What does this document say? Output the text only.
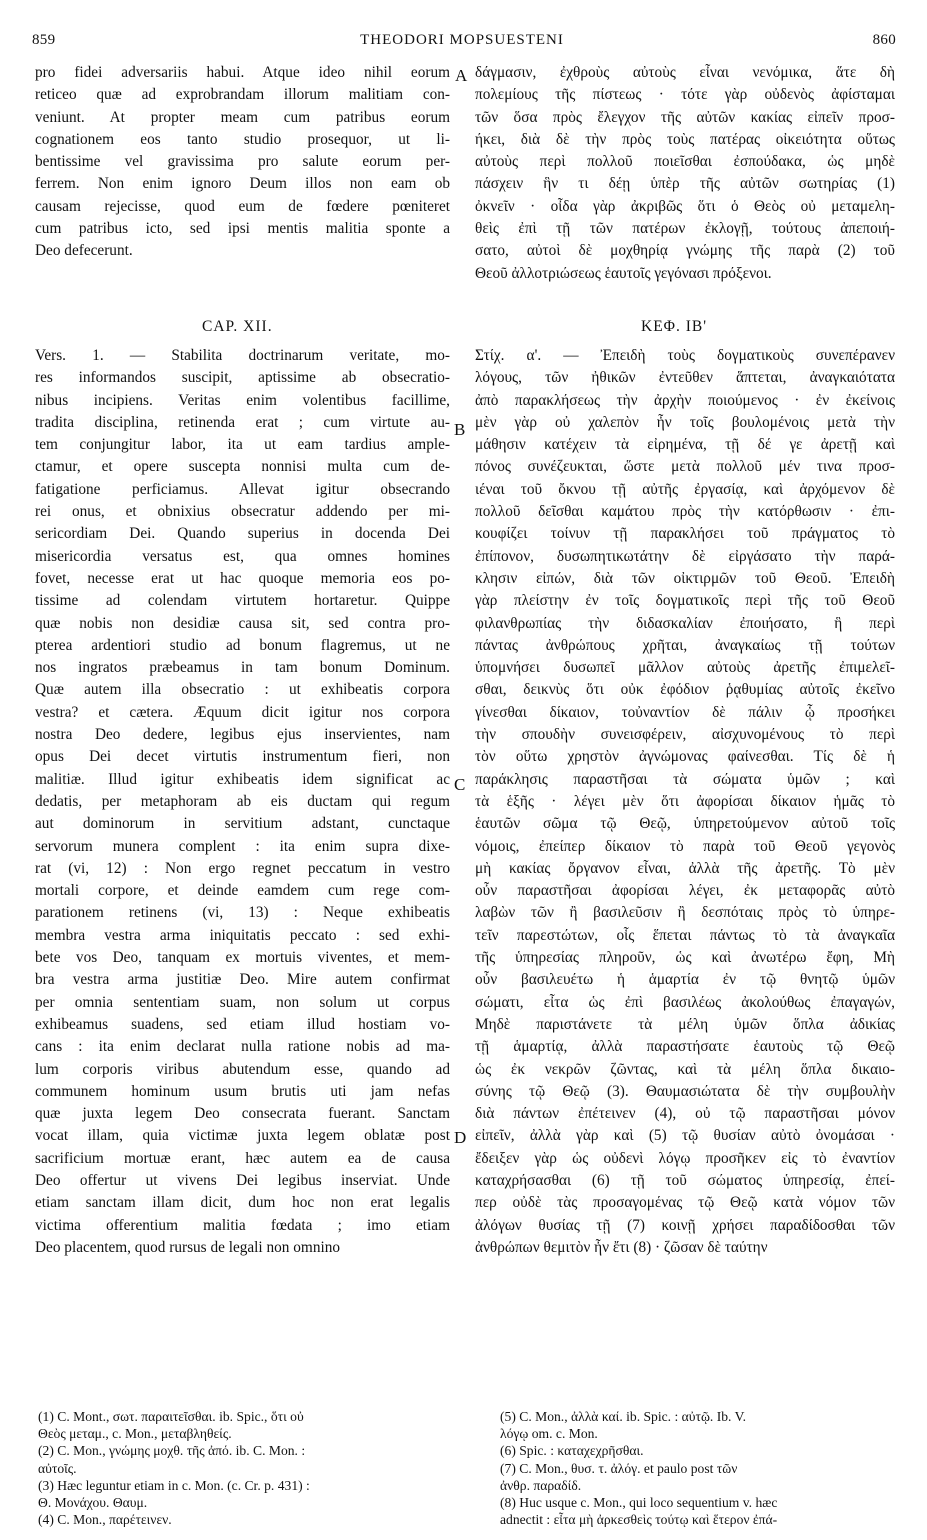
859	THEODORI MOPSUESTENI	860
pro fidei adversariis habui. Atque ideo nihil eorum
reticeo quæ ad exprobrandam illorum malitiam con-
veniunt. At propter meam cum patribus eorum
cognationem eos tanto studio prosequor, ut li-
bentissime vel gravissima pro salute eorum per-
ferrem. Non enim ignoro Deum illos non eam ob
causam rejecisse, quod eum de fœdere pœniteret
cum patribus icto, sed ipsi mentis malitia sponte a
Deo defecerunt.
CAP. XII.
Vers. 1. — Stabilita doctrinarum veritate, mo-
res informandos suscipit, aptissime ab obsecratio-
nibus incipiens. Veritas enim volentibus facillime,
tradita disciplina, retinenda erat ; cum virtute au-
tem conjungitur labor, ita ut eam tardius ample-
ctamur, et opere suscepta nonnisi multa cum de-
fatigatione perficiamus. Allevat igitur obsecrando
rei onus, et obnixius obsecratur addendo per mi-
sericordiam Dei. Quando superius in docenda Dei
misericordia versatus est, qua omnes homines
fovet, necesse erat ut hac quoque memoria eos po-
tissime ad colendam virtutem hortaretur. Quippe
quæ nobis non desidiæ causa sit, sed contra pro-
pterea ardentiori studio ad bonum flagremus, ut ne
nos ingratos præbeamus in tam bonum Dominum.
Quæ autem illa obsecratio : ut exhibeatis corpora
vestra? et cætera. Æquum dicit igitur nos corpora
nostra Deo dedere, legibus ejus inservientes, nam
opus Dei decet virtutis instrumentum fieri, non
malitiæ. Illud igitur exhibeatis idem significat ac
dedatis, per metaphoram ab eis ductam qui regum
aut dominorum in servitium adstant, cunctaque
servorum munera complent : ita enim supra dixe-
rat (vi, 12) : Non ergo regnet peccatum in vestro
mortali corpore, et deinde eamdem cum rege com-
parationem retinens (vi, 13) : Neque exhibeatis
membra vestra arma iniquitatis peccato : sed exhi-
bete vos Deo, tanquam ex mortuis viventes, et mem-
bra vestra arma justitiæ Deo. Mire autem confirmat
per omnia sententiam suam, non solum ut corpus
exhibeamus suadens, sed etiam illud hostiam vo-
cans : ita enim declarat nulla ratione nobis ad ma-
lum corporis viribus abutendum esse, quando ad
communem hominum usum brutis uti jam nefas
quæ juxta legem Deo consecrata fuerant. Sanctam
vocat illam, quia victimæ juxta legem oblatæ post
sacrificium mortuæ erant, hæc autem ea de causa
Deo offertur ut vivens Dei legibus inserviat. Unde
etiam sanctam illam dicit, dum hoc non erat legalis
victima offerentium malitia fœdata ; imo etiam
Deo placentem, quod rursus de legali non omnino
δάγμασιν, ἐχθροὺς αὐτοὺς εἶναι νενόμικα, ἅτε δὴ
πολεμίους τῆς πίστεως · τότε γὰρ οὐδενὸς ἀφίσταμαι
τῶν ὅσα πρὸς ἔλεγχον τῆς αὐτῶν κακίας εἰπεῖν προσ-
ήκει, διὰ δὲ τὴν πρὸς τοὺς πατέρας οἰκειότητα οὕτως
αὐτοὺς περὶ πολλοῦ ποιεῖσθαι ἐσπούδακα, ὡς μηδὲ
πάσχειν ἣν τι δέῃ ὑπὲρ τῆς αὐτῶν σωτηρίας (1)
ὀκνεῖν · οἶδα γὰρ ἀκριβῶς ὅτι ὁ Θεὸς οὐ μεταμελη-
θεὶς ἐπὶ τῇ τῶν πατέρων ἐκλογῇ, τούτους ἀπεποιή-
σατο, αὐτοὶ δὲ μοχθηρίᾳ γνώμης τῆς παρὰ (2) τοῦ
Θεοῦ ἀλλοτριώσεως ἑαυτοῖς γεγόνασι πρόξενοι.
ΚΕΦ. ΙΒ'
Στίχ. α'. — Ἐπειδὴ τοὺς δογματικοὺς συνεπέρανεν
λόγους, τῶν ἠθικῶν ἐντεῦθεν ἅπτεται, ἀναγκαιότατα
ἀπὸ παρακλήσεως τὴν ἀρχὴν ποιούμενος · ἐν ἐκείνοις
μὲν γὰρ οὐ χαλεπὸν ἦν τοῖς βουλομένοις μετὰ τὴν
μάθησιν κατέχειν τὰ εἰρημένα, τῇ δέ γε ἀρετῇ καὶ
πόνος συνέζευκται, ὥστε μετὰ πολλοῦ μέν τινα προσ-
ιέναι τοῦ ὄκνου τῇ αὐτῆς ἐργασίᾳ, καὶ ἀρχόμενον δὲ
πολλοῦ δεῖσθαι καμάτου πρὸς τὴν κατόρθωσιν · ἐπι-
κουφίζει τοίνυν τῇ παρακλήσει τοῦ πράγματος τὸ
ἐπίπονον, δυσωπητικωτάτην δὲ εἰργάσατο τὴν παρά-
κλησιν εἰπών, διὰ τῶν οἰκτιρμῶν τοῦ Θεοῦ. Ἐπειδὴ
γὰρ πλείστην ἐν τοῖς δογματικοῖς περὶ τῆς τοῦ Θεοῦ
φιλανθρωπίας τὴν διδασκαλίαν ἐποιήσατο, ἣ περὶ
πάντας ἀνθρώπους χρῆται, ἀναγκαίως τῇ τούτων
ὑπομνήσει δυσωπεῖ μᾶλλον αὐτοὺς ἀρετῆς ἐπιμελεῖ-
σθαι, δεικνὺς ὅτι οὐκ ἐφόδιον ῥᾳθυμίας αὐτοῖς ἐκεῖνο
γίνεσθαι δίκαιον, τοὐναντίον δὲ πάλιν ᾧ προσήκει
τὴν σπουδὴν συνεισφέρειν, αἰσχυνομένους τὸ περὶ
τὸν οὕτω χρηστὸν ἀγνώμονας φαίνεσθαι. Τίς δὲ ἡ
παράκλησις παραστῆσαι τὰ σώματα ὑμῶν ; καὶ
τὰ ἑξῆς · λέγει μὲν ὅτι ἀφορίσαι δίκαιον ἡμᾶς τὸ
ἑαυτῶν σῶμα τῷ Θεῷ, ὑπηρετούμενον αὐτοῦ τοῖς
νόμοις, ἐπείπερ δίκαιον τὸ παρὰ τοῦ Θεοῦ γεγονὸς
μὴ κακίας ὄργανον εἶναι, ἀλλὰ τῆς ἀρετῆς. Τὸ μὲν
οὖν παραστῆσαι ἀφορίσαι λέγει, ἐκ μεταφορᾶς αὐτὸ
λαβὼν τῶν ἢ βασιλεῦσιν ἢ δεσπόταις πρὸς τὸ ὑπηρε-
τεῖν παρεστώτων, οἷς ἕπεται πάντως τὸ τὰ ἀναγκαῖα
τῆς ὑπηρεσίας πληροῦν, ὡς καὶ ἀνωτέρω ἔφη, Μὴ
οὖν βασιλευέτω ἡ ἁμαρτία ἐν τῷ θνητῷ ὑμῶν
σώματι, εἶτα ὡς ἐπὶ βασιλέως ἀκολούθως ἐπαγαγών,
Μηδὲ παριστάνετε τὰ μέλη ὑμῶν ὅπλα ἀδικίας
τῇ ἁμαρτίᾳ, ἀλλὰ παραστήσατε ἑαυτοὺς τῷ Θεῷ
ὡς ἐκ νεκρῶν ζῶντας, καὶ τὰ μέλη ὅπλα δικαιο-
σύνης τῷ Θεῷ (3). Θαυμασιώτατα δὲ τὴν συμβουλὴν
διὰ πάντων ἐπέτεινεν (4), οὐ τῷ παραστῆσαι μόνον
εἰπεῖν, ἀλλὰ γὰρ καὶ (5) τῷ θυσίαν αὐτὸ ὀνομάσαι ·
ἔδειξεν γὰρ ὡς οὐδενὶ λόγῳ προσῆκεν εἰς τὸ ἐναντίον
καταχρήσασθαι (6) τῇ τοῦ σώματος ὑπηρεσίᾳ, ἐπεί-
περ οὐδὲ τὰς προσαγομένας τῷ Θεῷ κατὰ νόμον τῶν
ἀλόγων θυσίας τῇ (7) κοινῇ χρήσει παραδίδοσθαι τῶν
ἀνθρώπων θεμιτὸν ἦν ἔτι (8) · ζῶσαν δὲ ταύτην
A
B
C
D
(1) C. Mont., σωτ. παραιτεῖσθαι. ib. Spic., ὅτι οὐ
Θεὸς μεταμ., c. Mon., μεταβληθείς.
(2) C. Mon., γνώμης μοχθ. τῆς ἀπό. ib. C. Mon. :
αὐτοῖς.
(3) Hæc leguntur etiam in c. Mon. (c. Cr. p. 431) :
Θ. Μονάχου. Θαυμ.
(4) C. Mon., παρέτεινεν.
(5) C. Mon., ἀλλὰ καί. ib. Spic. : αὐτῷ. Ib. V.
λόγῳ om. c. Mon.
(6) Spic. : καταχεχρῆσθαι.
(7) C. Mon., θυσ. τ. ἀλόγ. et paulo post τῶν
ἀνθρ. παραδίδ.
(8) Huc usque c. Mon., qui loco sequentium v. hæc
adnectit : εἶτα μὴ ἀρκεσθεὶς τούτῳ καὶ ἕτερον ἐπά-
